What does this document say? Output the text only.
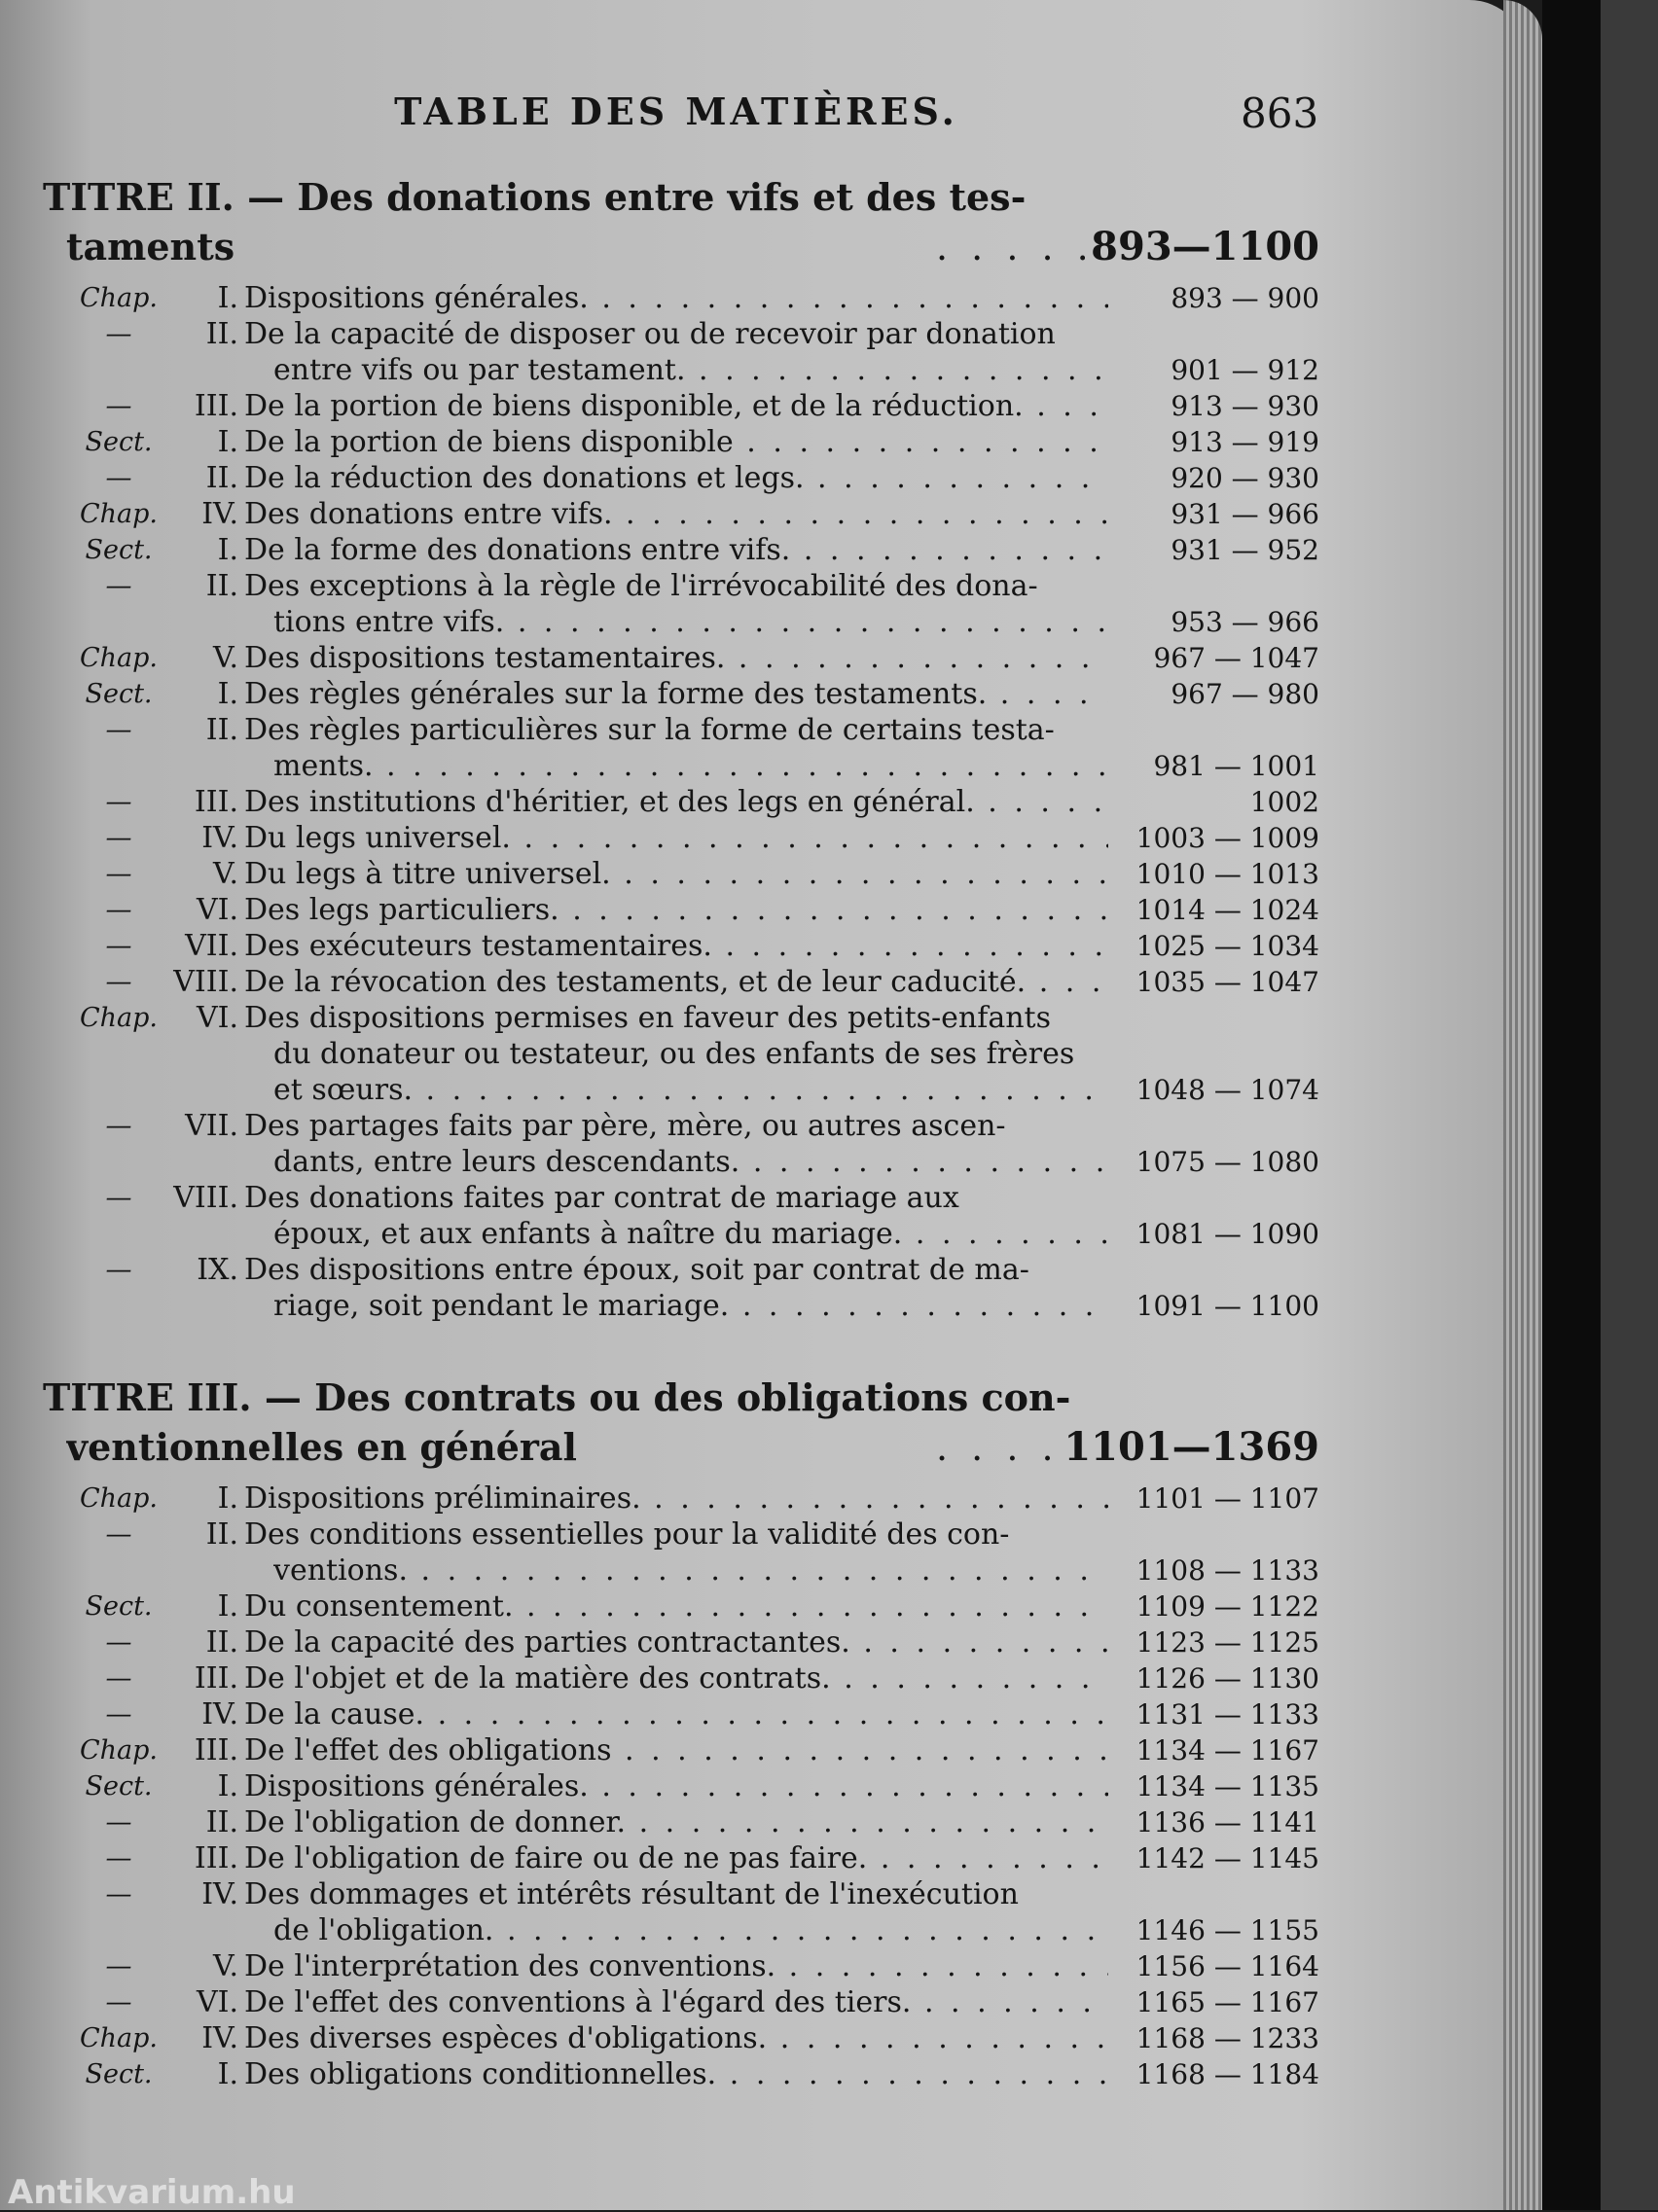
TABLE DES MATIÈRES.	863
TITRE II. — Des donations entre vifs et des tes-
taments . . .	893—1100
Chap.	I. Dispositions générales. . . .	893 — 900
—	II. De la capacité de disposer ou de recevoir par donation
entre vifs ou par testament. . . .	901 — 912
—	III. De la portion de biens disponible, et de la réduction. . . .	913 — 930
Sect.	I. De la portion de biens disponible . . .	913 — 919
—	II. De la réduction des donations et legs. . . .	920 — 930
Chap.	IV. Des donations entre vifs. . . .	931 — 966
Sect.	I. De la forme des donations entre vifs. . . .	931 — 952
—	II. Des exceptions à la règle de l'irrévocabilité des dona-
tions entre vifs. . . .	953 — 966
Chap.	V. Des dispositions testamentaires. . . .	967 — 1047
Sect.	I. Des règles générales sur la forme des testaments. . . .	967 — 980
—	II. Des règles particulières sur la forme de certains testa-
ments. . . .	981 — 1001
—	III. Des institutions d'héritier, et des legs en général. . . .	1002
—	IV. Du legs universel. . . .	1003 — 1009
—	V. Du legs à titre universel. . . .	1010 — 1013
—	VI. Des legs particuliers. . . .	1014 — 1024
—	VII. Des exécuteurs testamentaires. . . .	1025 — 1034
—	VIII. De la révocation des testaments, et de leur caducité. . . .	1035 — 1047
Chap.	VI. Des dispositions permises en faveur des petits-enfants
du donateur ou testateur, ou des enfants de ses frères
et sœurs. . . .	1048 — 1074
—	VII. Des partages faits par père, mère, ou autres ascen-
dants, entre leurs descendants. . . .	1075 — 1080
—	VIII. Des donations faites par contrat de mariage aux
époux, et aux enfants à naître du mariage. . . .	1081 — 1090
—	IX. Des dispositions entre époux, soit par contrat de ma-
riage, soit pendant le mariage. . . .	1091 — 1100
TITRE III. — Des contrats ou des obligations con-
ventionnelles en général . . .	1101—1369
Chap.	I. Dispositions préliminaires. . . .	1101 — 1107
—	II. Des conditions essentielles pour la validité des con-
ventions. . . .	1108 — 1133
Sect.	I. Du consentement. . . .	1109 — 1122
—	II. De la capacité des parties contractantes. . . .	1123 — 1125
—	III. De l'objet et de la matière des contrats. . . .	1126 — 1130
—	IV. De la cause. . . .	1131 — 1133
Chap.	III. De l'effet des obligations . . .	1134 — 1167
Sect.	I. Dispositions générales. . . .	1134 — 1135
—	II. De l'obligation de donner. . . .	1136 — 1141
—	III. De l'obligation de faire ou de ne pas faire. . . .	1142 — 1145
—	IV. Des dommages et intérêts résultant de l'inexécution
de l'obligation. . . .	1146 — 1155
—	V. De l'interprétation des conventions. . . .	1156 — 1164
—	VI. De l'effet des conventions à l'égard des tiers. . . .	1165 — 1167
Chap.	IV. Des diverses espèces d'obligations. . . .	1168 — 1233
Sect.	I. Des obligations conditionnelles. . . .	1168 — 1184
Antikvarium.hu
